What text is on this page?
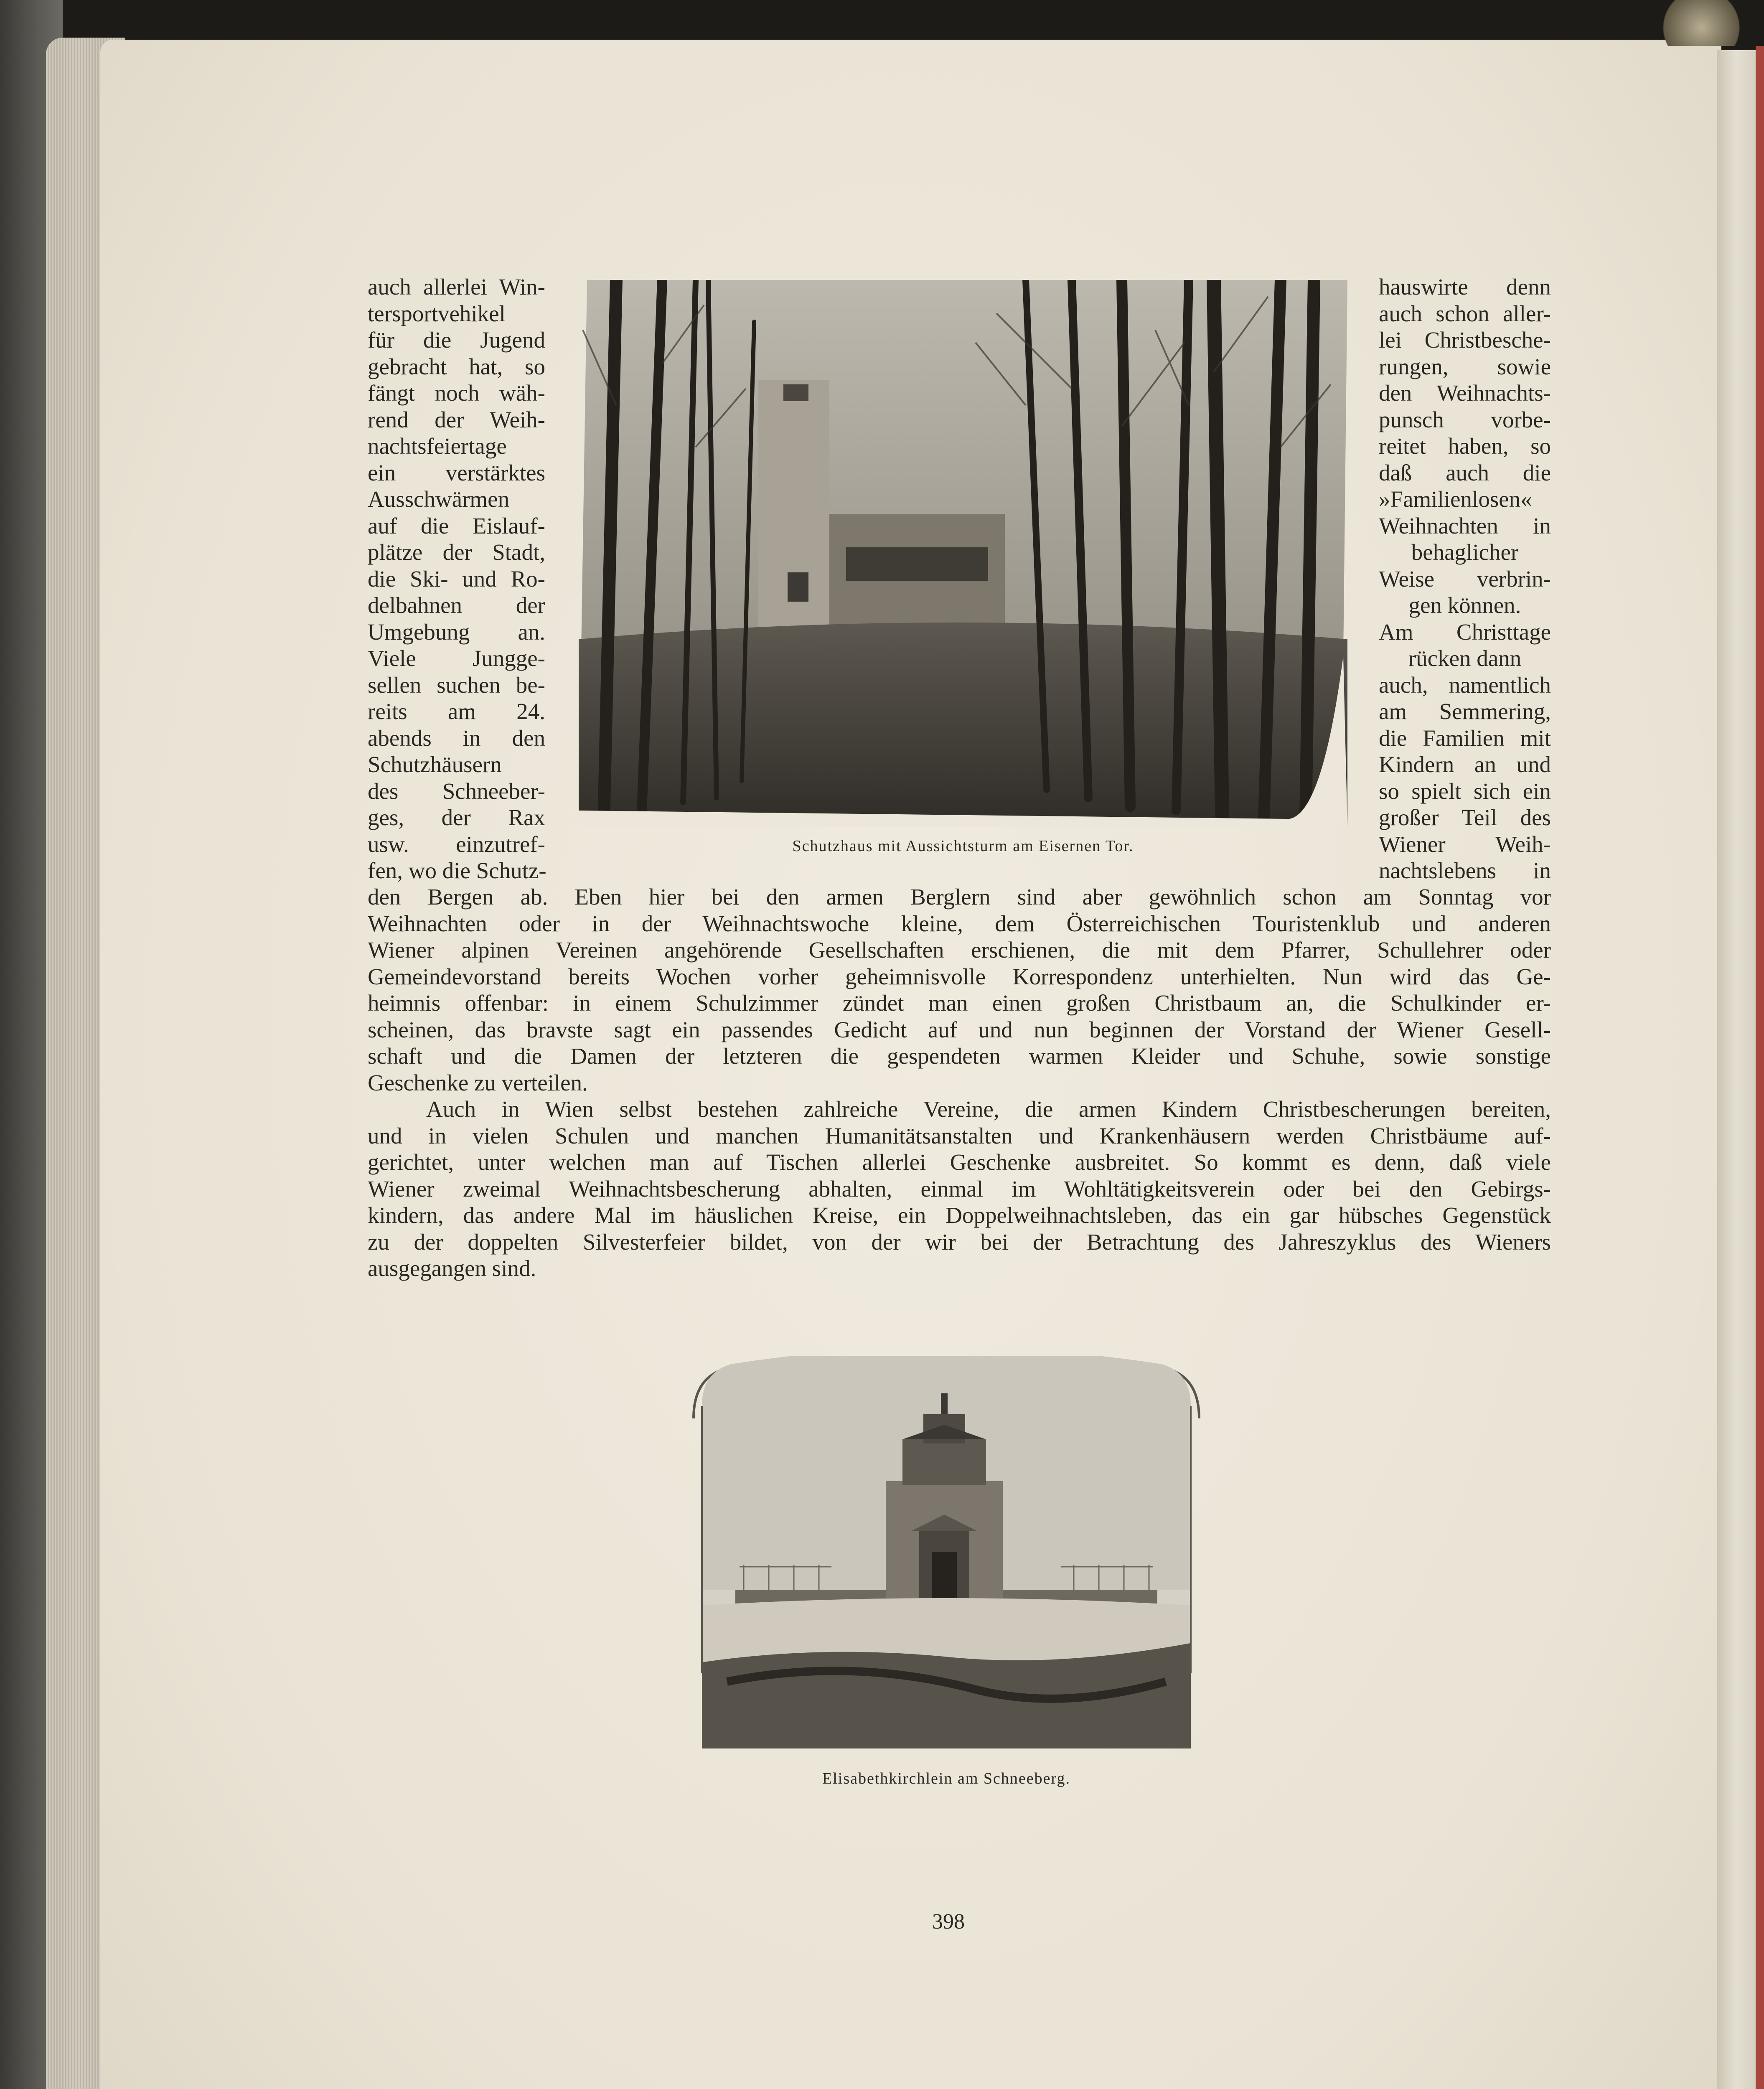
auch allerlei Win-
tersportvehikel
für die Jugend
gebracht hat, so
fängt noch wäh-
rend der Weih-
nachtsfeiertage
ein verstärktes
Ausschwärmen
auf die Eislauf-
plätze der Stadt,
die Ski- und Ro-
delbahnen der
Umgebung an.
Viele Jungge-
sellen suchen be-
reits am 24.
abends in den
Schutzhäusern
des Schneeber-
ges, der Rax
usw. einzutref-
fen, wo die Schutz-
hauswirte denn
auch schon aller-
lei Christbesche-
rungen, sowie
den Weihnachts-
punsch vorbe-
reitet haben, so
daß auch die
»Familienlosen«
Weihnachten in
behaglicher
Weise verbrin-
gen können.
Am Christtage
rücken dann
auch, namentlich
am Semmering,
die Familien mit
Kindern an und
so spielt sich ein
großer Teil des
Wiener Weih-
nachtslebens in
Schutzhaus mit Aussichtsturm am Eisernen Tor.
den Bergen ab. Eben hier bei den armen Berglern sind aber gewöhnlich schon am Sonntag vor
Weihnachten oder in der Weihnachtswoche kleine, dem Österreichischen Touristenklub und anderen
Wiener alpinen Vereinen angehörende Gesellschaften erschienen, die mit dem Pfarrer, Schullehrer oder
Gemeindevorstand bereits Wochen vorher geheimnisvolle Korrespondenz unterhielten. Nun wird das Ge-
heimnis offenbar: in einem Schulzimmer zündet man einen großen Christbaum an, die Schulkinder er-
scheinen, das bravste sagt ein passendes Gedicht auf und nun beginnen der Vorstand der Wiener Gesell-
schaft und die Damen der letzteren die gespendeten warmen Kleider und Schuhe, sowie sonstige
Geschenke zu verteilen.
Auch in Wien selbst bestehen zahlreiche Vereine, die armen Kindern Christbescherungen bereiten,
und in vielen Schulen und manchen Humanitätsanstalten und Krankenhäusern werden Christbäume auf-
gerichtet, unter welchen man auf Tischen allerlei Geschenke ausbreitet. So kommt es denn, daß viele
Wiener zweimal Weihnachtsbescherung abhalten, einmal im Wohltätigkeitsverein oder bei den Gebirgs-
kindern, das andere Mal im häuslichen Kreise, ein Doppelweihnachtsleben, das ein gar hübsches Gegenstück
zu der doppelten Silvesterfeier bildet, von der wir bei der Betrachtung des Jahreszyklus des Wieners
ausgegangen sind.
Elisabethkirchlein am Schneeberg.
398
